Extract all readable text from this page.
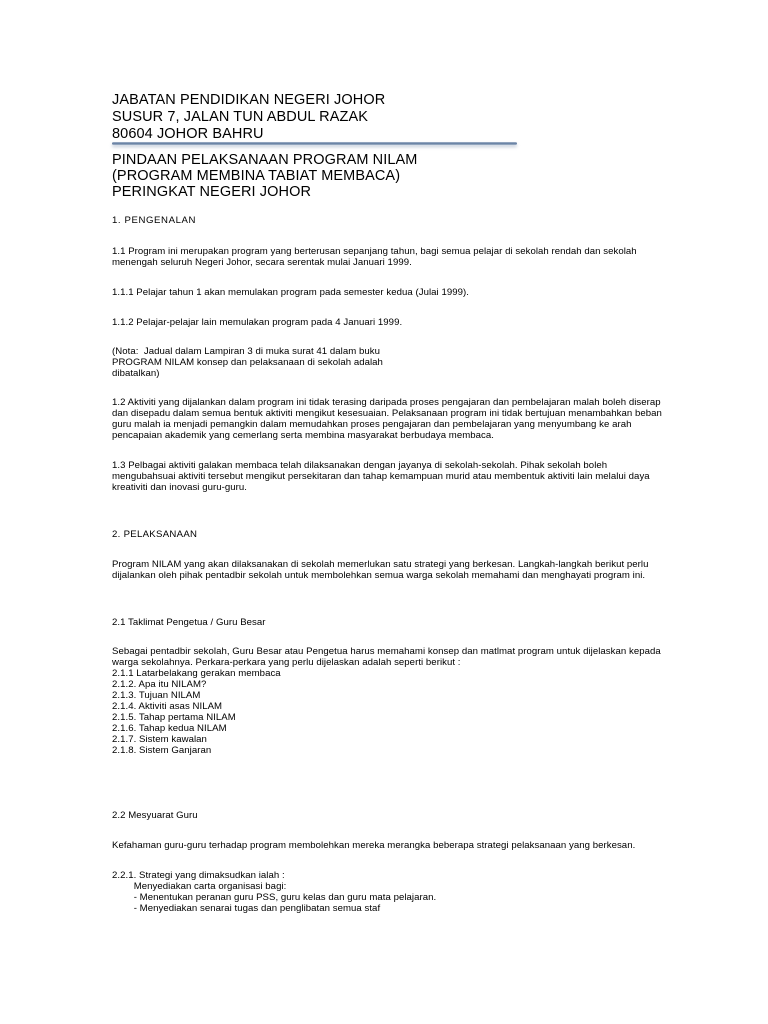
JABATAN PENDIDIKAN NEGERI JOHOR

SUSUR 7, JALAN TUN ABDUL RAZAK

80604 JOHOR BAHRU

PINDAAN PELAKSANAAN PROGRAM NILAM

(PROGRAM MEMBINA TABIAT MEMBACA)

PERINGKAT NEGERI JOHOR

1. PENGENALAN

1.1 Program ini merupakan program yang berterusan sepanjang tahun, bagi semua pelajar di sekolah rendah dan sekolah

menengah seluruh Negeri Johor, secara serentak mulai Januari 1999.

1.1.1 Pelajar tahun 1 akan memulakan program pada semester kedua (Julai 1999).

1.1.2 Pelajar-pelajar lain memulakan program pada 4 Januari 1999.

(Nota:  Jadual dalam Lampiran 3 di muka surat 41 dalam buku

PROGRAM NILAM konsep dan pelaksanaan di sekolah adalah

dibatalkan)

1.2 Aktiviti yang dijalankan dalam program ini tidak terasing daripada proses pengajaran dan pembelajaran malah boleh diserap

dan disepadu dalam semua bentuk aktiviti mengikut kesesuaian. Pelaksanaan program ini tidak bertujuan menambahkan beban

guru malah ia menjadi pemangkin dalam memudahkan proses pengajaran dan pembelajaran yang menyumbang ke arah

pencapaian akademik yang cemerlang serta membina masyarakat berbudaya membaca.

1.3 Pelbagai aktiviti galakan membaca telah dilaksanakan dengan jayanya di sekolah-sekolah. Pihak sekolah boleh

mengubahsuai aktiviti tersebut mengikut persekitaran dan tahap kemampuan murid atau membentuk aktiviti lain melalui daya

kreativiti dan inovasi guru-guru.

2. PELAKSANAAN

Program NILAM yang akan dilaksanakan di sekolah memerlukan satu strategi yang berkesan. Langkah-langkah berikut perlu

dijalankan oleh pihak pentadbir sekolah untuk membolehkan semua warga sekolah memahami dan menghayati program ini.

2.1 Taklimat Pengetua / Guru Besar

Sebagai pentadbir sekolah, Guru Besar atau Pengetua harus memahami konsep dan matlmat program untuk dijelaskan kepada

warga sekolahnya. Perkara-perkara yang perlu dijelaskan adalah seperti berikut :

2.1.1 Latarbelakang gerakan membaca

2.1.2. Apa itu NILAM?

2.1.3. Tujuan NILAM

2.1.4. Aktiviti asas NILAM

2.1.5. Tahap pertama NILAM

2.1.6. Tahap kedua NILAM

2.1.7. Sistem kawalan

2.1.8. Sistem Ganjaran

2.2 Mesyuarat Guru

Kefahaman guru-guru terhadap program membolehkan mereka merangka beberapa strategi pelaksanaan yang berkesan.

2.2.1. Strategi yang dimaksudkan ialah :

Menyediakan carta organisasi bagi:

- Menentukan peranan guru PSS, guru kelas dan guru mata pelajaran.

- Menyediakan senarai tugas dan penglibatan semua staf
